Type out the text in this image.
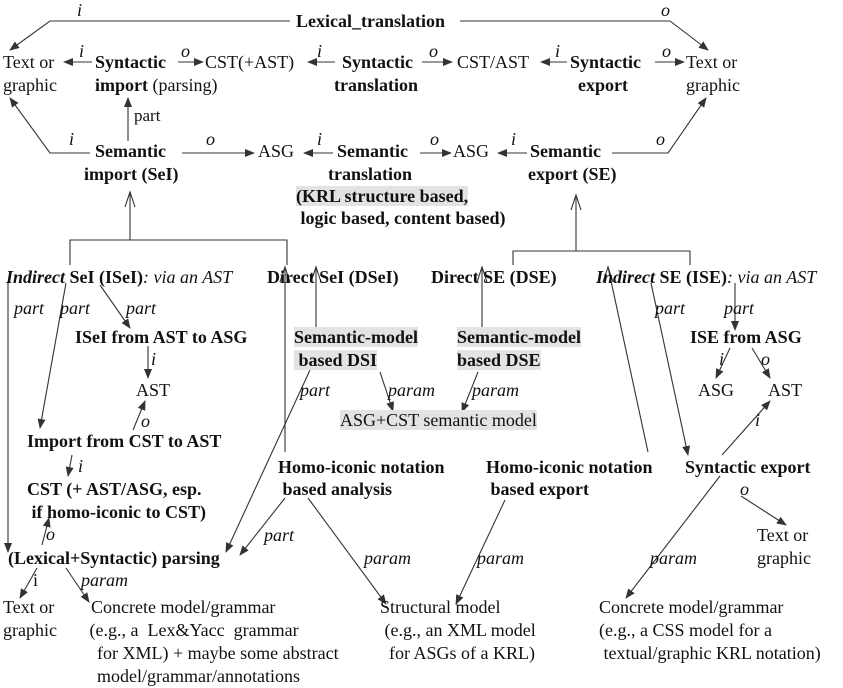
Lexical_translation
i	o
Text or
graphic
i
Syntactic
import (parsing)
o
CST(+AST)
i
Syntactic
translation
o
CST/AST
i
Syntactic
export
o
Text or
graphic
part
i
Semantic
import (SeI)
o
ASG
i
Semantic
translation
(KRL structure based,
logic based, content based)
o
ASG
i
Semantic
export (SE)
o
Indirect SeI (ISeI): via an AST Direct SeI (DSeI) Direct SE (DSE) Indirect SE (ISE): via an AST
part part part
ISeI from AST to ASG
i
AST
o
Import from CST to AST
i
CST (+ AST/ASG, esp.
if homo-iconic to CST)
o
(Lexical+Syntactic) parsing
i param
Text or
graphic
Concrete model/grammar
(e.g., a  Lex&Yacc  grammar
for XML) + maybe some abstract
model/grammar/annotations
Semantic-model
based DSI
Semantic-model
based DSE
part	param param
ASG+CST semantic model
Homo-iconic notation
based analysis
Homo-iconic notation
based export
part
param	param
Structural model
(e.g., an XML model
for ASGs of a KRL)
part part
ISE from ASG
i o
ASG AST
i
Syntactic export
o
Text or
graphic
param
Concrete model/grammar
(e.g., a CSS model for a
textual/graphic KRL notation)
